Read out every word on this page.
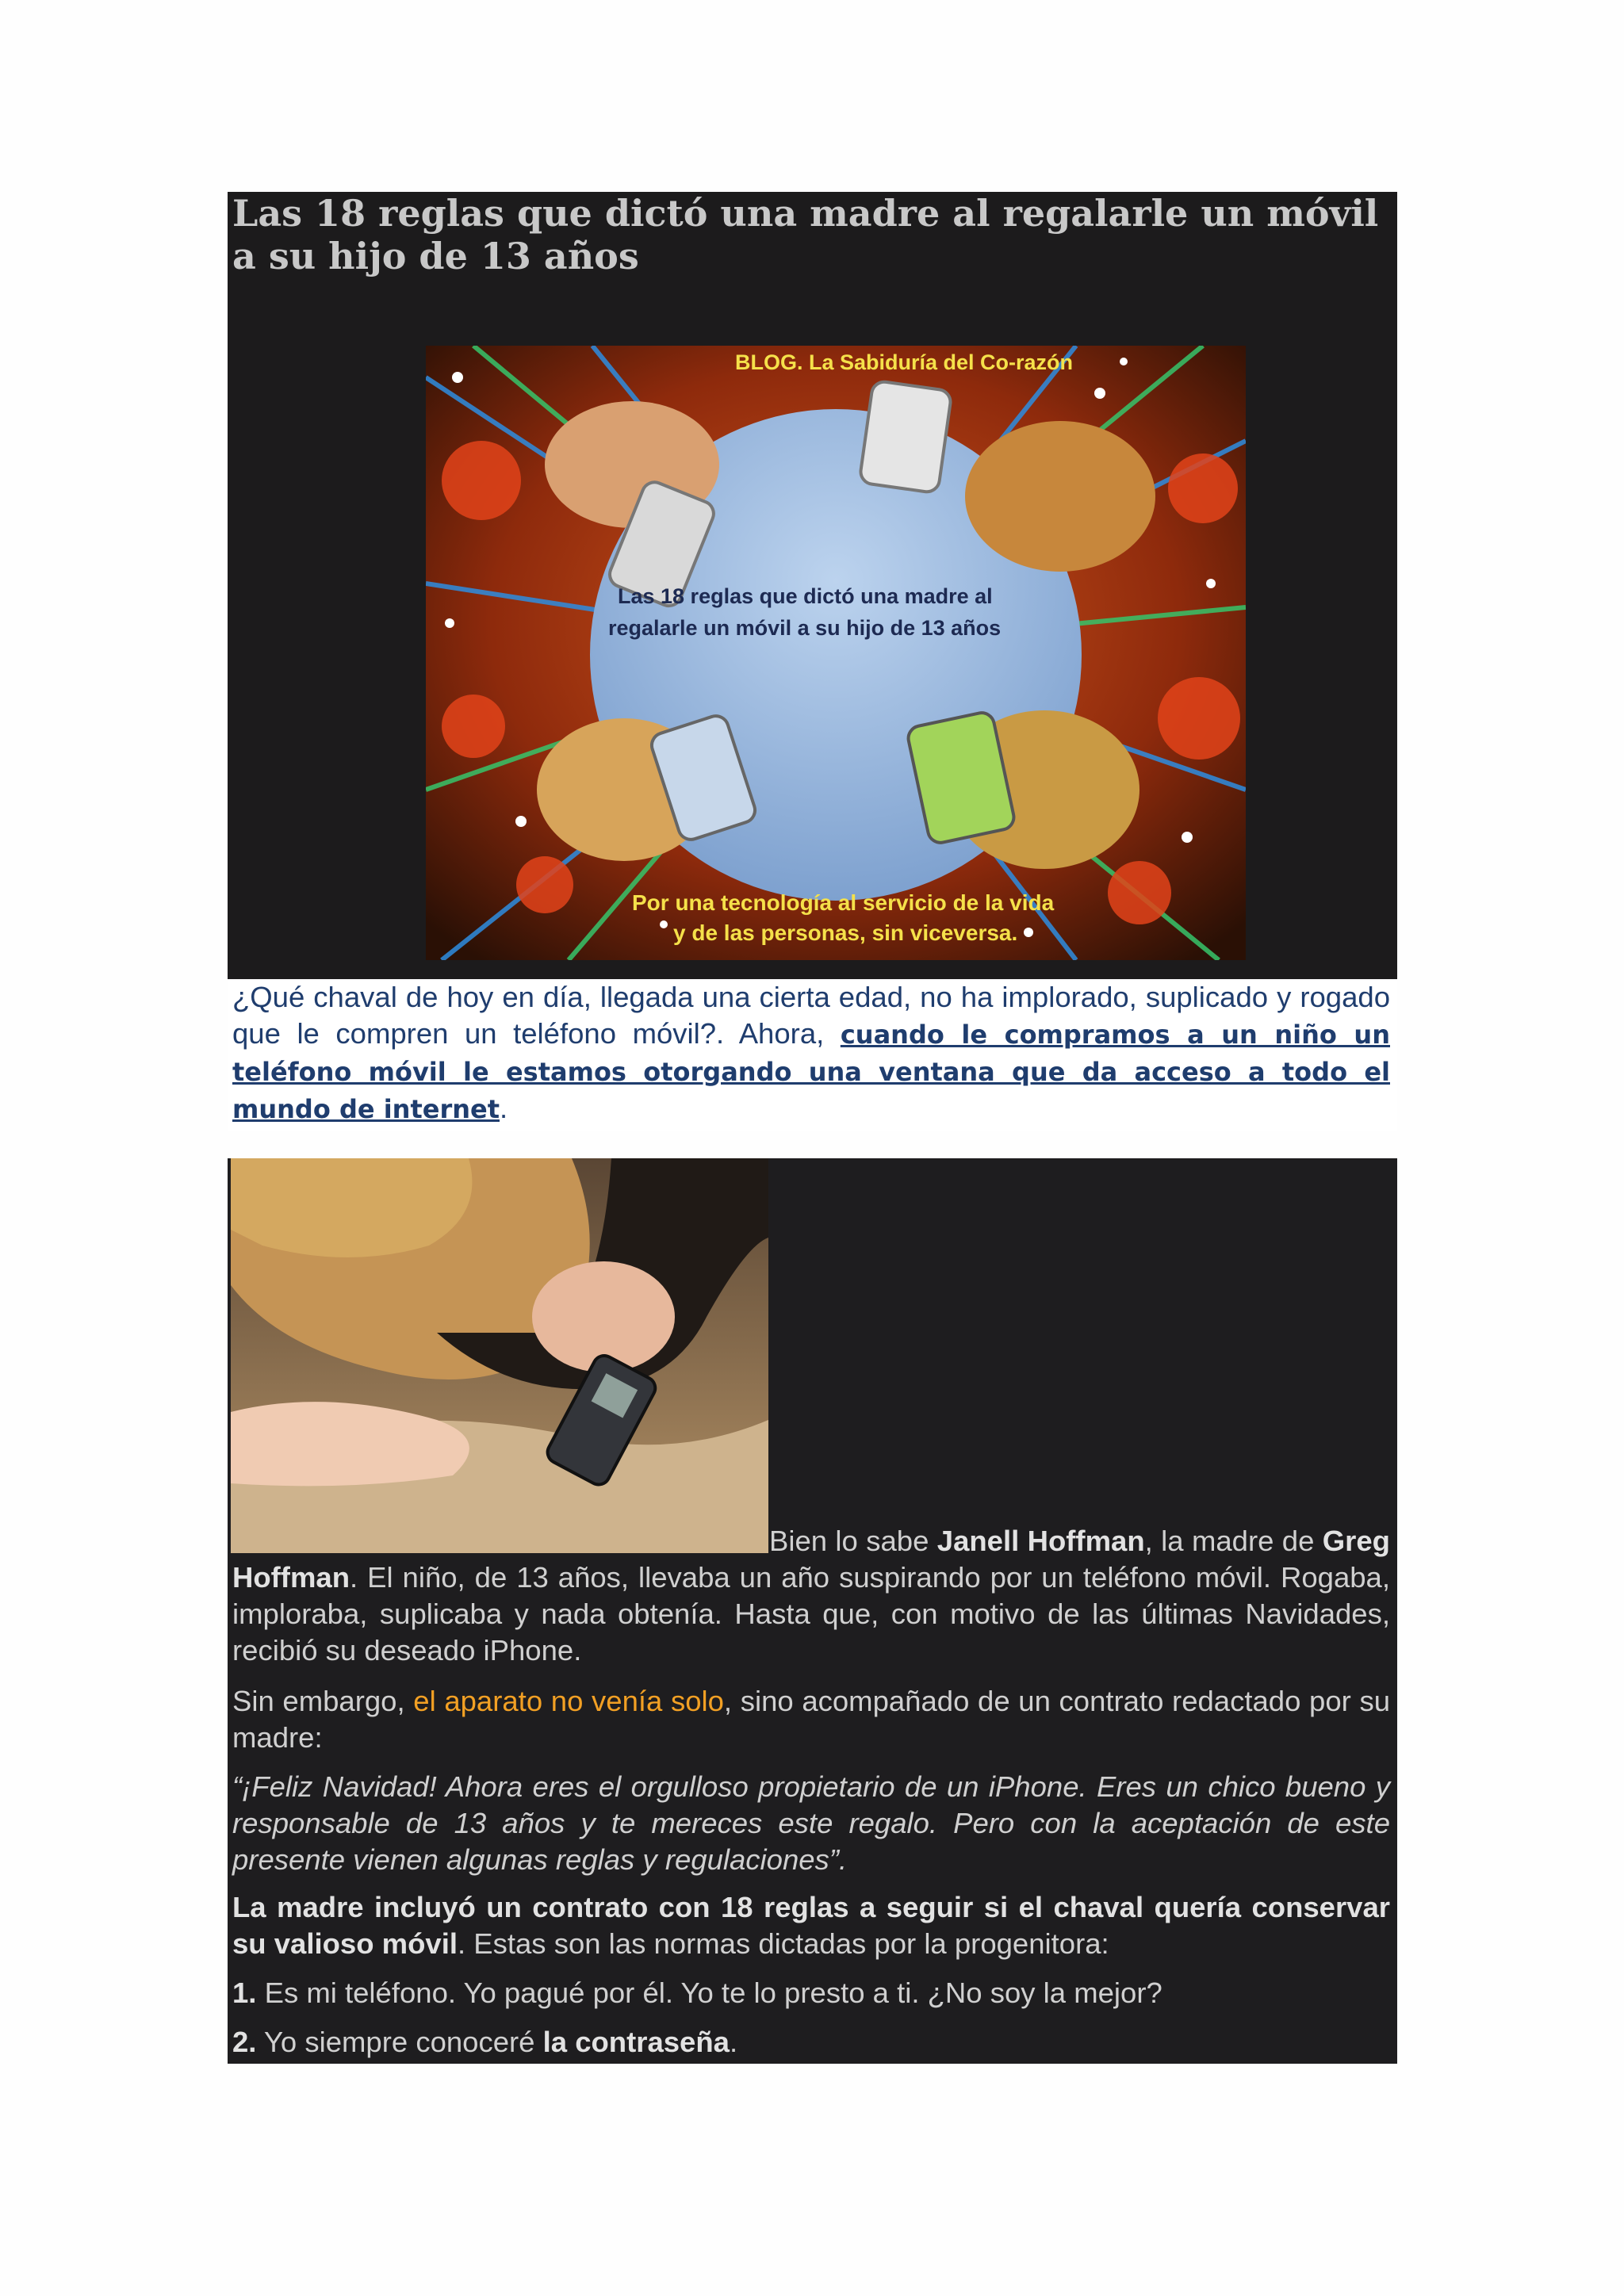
Las 18 reglas que dictó una madre al regalarle un móvil a su hijo de 13 años
BLOG. La Sabiduría del Co-razón
Las 18 reglas que dictó una madre al
regalarle un móvil a su hijo de 13 años
Por una tecnología al servicio de la vida
y de las personas, sin viceversa.

¿Qué chaval de hoy en día, llegada una cierta edad, no ha implorado, suplicado y rogado que le compren un teléfono móvil?. Ahora, cuando le compramos a un niño un teléfono móvil le estamos otorgando una ventana que da acceso a todo el mundo de internet.

Bien lo sabe Janell Hoffman, la madre de Greg Hoffman. El niño, de 13 años, llevaba un año suspirando por un teléfono móvil. Rogaba, imploraba, suplicaba y nada obtenía. Hasta que, con motivo de las últimas Navidades, recibió su deseado iPhone.

Sin embargo, el aparato no venía solo, sino acompañado de un contrato redactado por su madre:

“¡Feliz Navidad! Ahora eres el orgulloso propietario de un iPhone. Eres un chico bueno y responsable de 13 años y te mereces este regalo. Pero con la aceptación de este presente vienen algunas reglas y regulaciones”.

La madre incluyó un contrato con 18 reglas a seguir si el chaval quería conservar su valioso móvil. Estas son las normas dictadas por la progenitora:

1. Es mi teléfono. Yo pagué por él. Yo te lo presto a ti. ¿No soy la mejor?

2. Yo siempre conoceré la contraseña.
